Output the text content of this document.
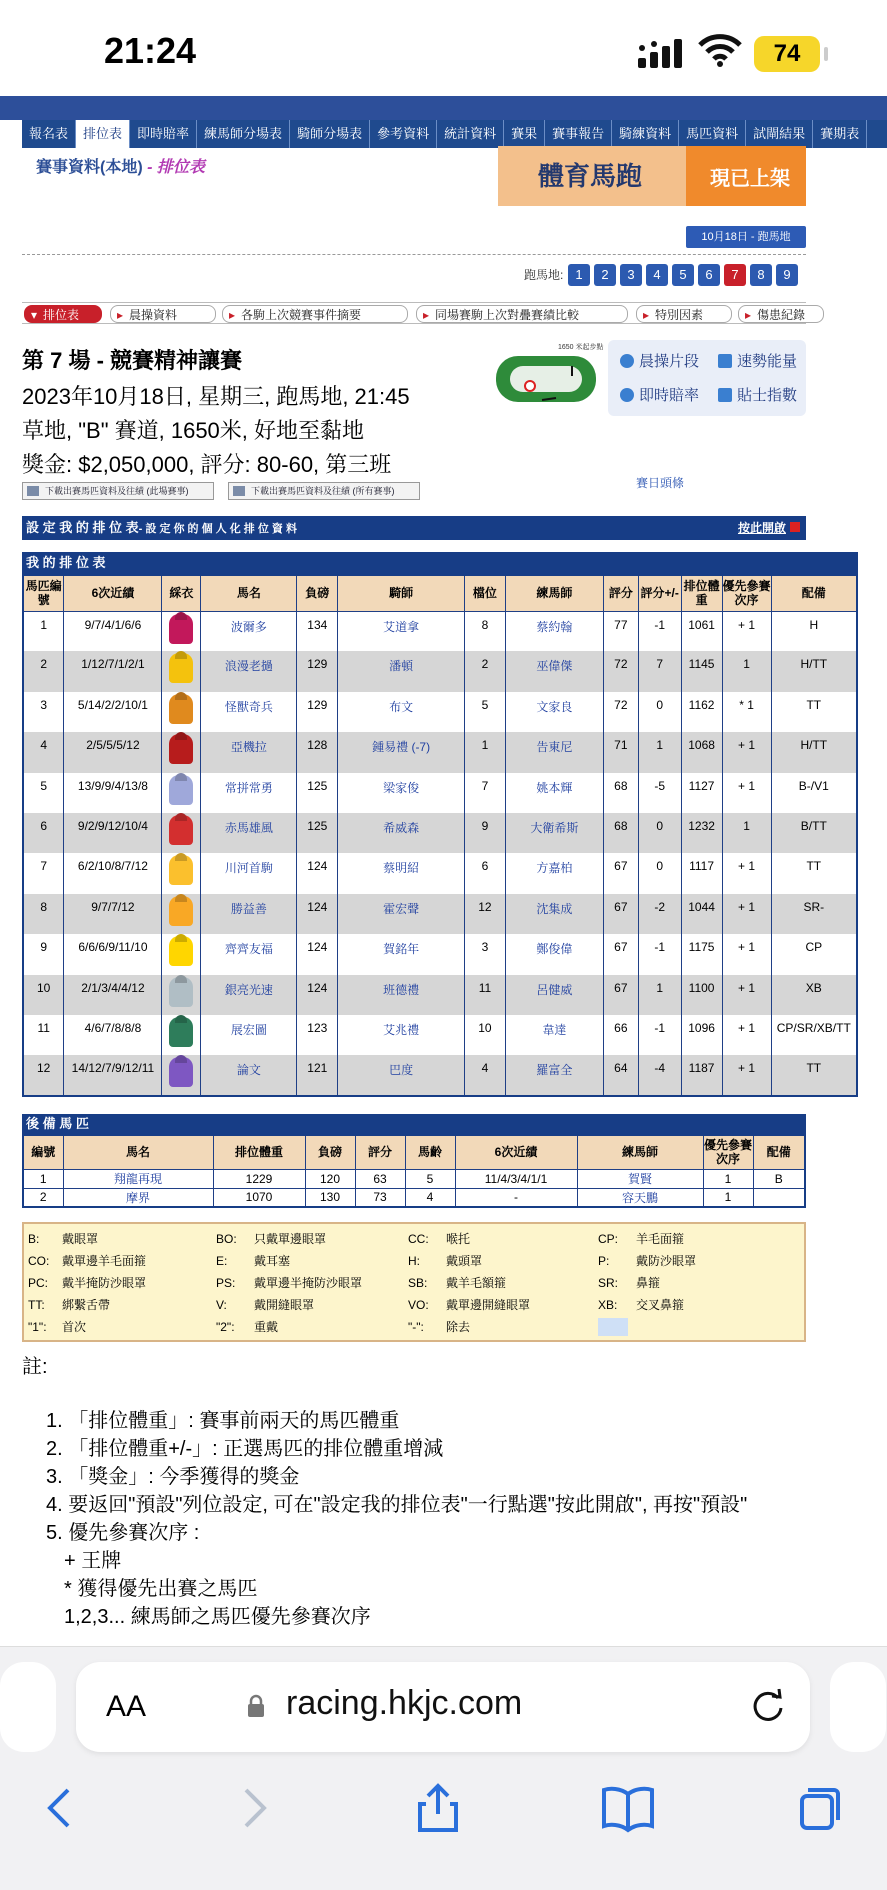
21:24	74
報名表	排位表	即時賠率	練馬師分場表	騎師分場表	參考資料	統計資料	賽果	賽事報告	騎練資料	馬匹資料	試閘結果	賽期表
賽事資料(本地) - 排位表	體育馬跑	現已上架
10月18日 - 跑馬地
跑馬地: 1	2	3	4	5	6	7	8	9
▾ 排位表	▸ 晨操資料	▸ 各駒上次競賽事件摘要	▸ 同場賽駒上次對疊賽績比較	▸ 特別因素	▸ 傷患紀錄
第 7 場 - 競賽精神讓賽
2023年10月18日, 星期三, 跑馬地, 21:45
草地, "B" 賽道, 1650米, 好地至黏地
獎金: $2,050,000, 評分: 80-60, 第三班
1650 米起步點
晨操片段	速勢能量
即時賠率	貼士指數
下載出賽馬匹資料及往績 (此場賽事)	下載出賽馬匹資料及往績 (所有賽事)
賽日頭條
設 定 我 的 排 位 表- 設 定 你 的 個 人 化 排 位 資 料	按此開啟
我 的 排 位 表
馬匹編號	6次近績	綵衣	馬名	負磅	騎師	檔位	練馬師	評分	評分+/-	排位體重	優先參賽次序	配備
1	9/7/4/1/6/6		波爾多	134	艾道拿	8	蔡約翰	77	-1	1061	+ 1	H
2	1/12/7/1/2/1		浪漫老撾	129	潘頓	2	巫偉傑	72	7	1145	1	H/TT
3	5/14/2/2/10/1		怪獸奇兵	129	布文	5	文家良	72	0	1162	* 1	TT
4	2/5/5/5/12		亞機拉	128	鍾易禮 (-7)	1	告東尼	71	1	1068	+ 1	H/TT
5	13/9/9/4/13/8		常拼常勇	125	梁家俊	7	姚本輝	68	-5	1127	+ 1	B-/V1
6	9/2/9/12/10/4		赤馬雄風	125	希威森	9	大衛希斯	68	0	1232	1	B/TT
7	6/2/10/8/7/12		川河首駒	124	蔡明紹	6	方嘉柏	67	0	1117	+ 1	TT
8	9/7/7/12		勝益善	124	霍宏聲	12	沈集成	67	-2	1044	+ 1	SR-
9	6/6/6/9/11/10		齊齊友福	124	賀銘年	3	鄭俊偉	67	-1	1175	+ 1	CP
10	2/1/3/4/4/12		銀亮光速	124	班德禮	11	呂健威	67	1	1100	+ 1	XB
11	4/6/7/8/8/8		展宏圖	123	艾兆禮	10	韋達	66	-1	1096	+ 1	CP/SR/XB/TT
12	14/12/7/9/12/11		論文	121	巴度	4	羅富全	64	-4	1187	+ 1	TT
後 備 馬 匹
編號	馬名	排位體重	負磅	評分	馬齡	6次近績	練馬師	優先參賽次序	配備
1	翔龍再現	1229	120	63	5	11/4/3/4/1/1	賀賢	1	B
2	摩界	1070	130	73	4	-	容天鵬	1	
B: 戴眼罩	BO: 只戴單邊眼罩	CC: 喉托	CP: 羊毛面箍
CO: 戴單邊羊毛面箍	E: 戴耳塞	H: 戴頭罩	P: 戴防沙眼罩
PC: 戴半掩防沙眼罩	PS: 戴單邊半掩防沙眼罩	SB: 戴羊毛額箍	SR: 鼻箍
TT: 綁繫舌帶	V: 戴開縫眼罩	VO: 戴單邊開縫眼罩	XB: 交叉鼻箍
"1": 首次	"2": 重戴	"-": 除去
註:
1. 「排位體重」: 賽事前兩天的馬匹體重
2. 「排位體重+/-」: 正選馬匹的排位體重增減
3. 「獎金」: 今季獲得的獎金
4. 要返回"預設"列位設定, 可在"設定我的排位表"一行點選"按此開啟", 再按"預設"
5. 優先參賽次序 :
+ 王牌
* 獲得優先出賽之馬匹
1,2,3... 練馬師之馬匹優先參賽次序
AA	racing.hkjc.com
